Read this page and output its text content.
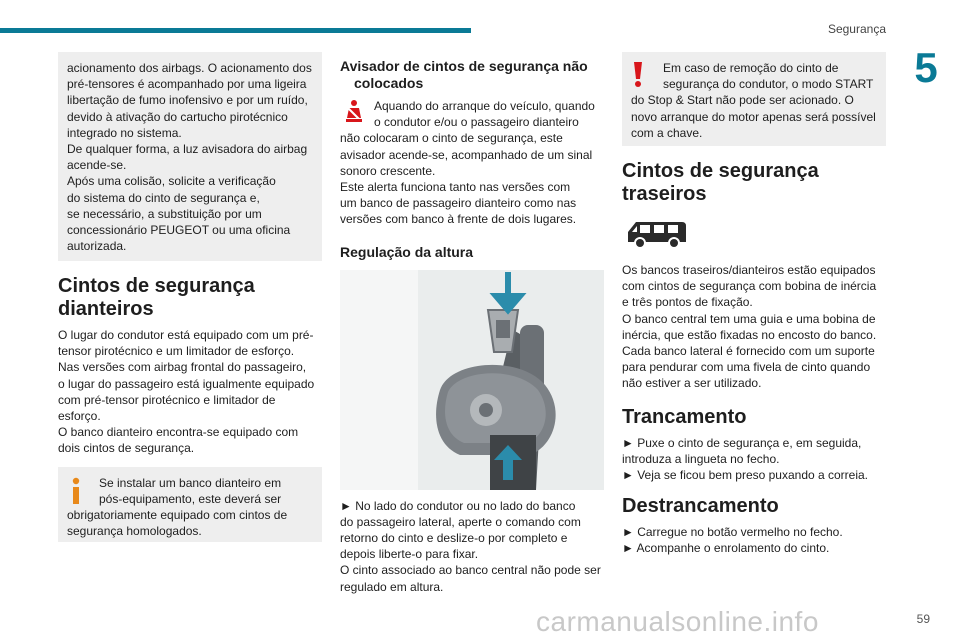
Segurança
5

acionamento dos airbags. O acionamento dos

pré-tensores é acompanhado por uma ligeira

libertação de fumo inofensivo e por um ruído,

devido à ativação do cartucho pirotécnico

integrado no sistema.

De qualquer forma, a luz avisadora do airbag

acende-se.

Após uma colisão, solicite a verificação

do sistema do cinto de segurança e,

se necessário, a substituição por um

concessionário PEUGEOT ou uma oficina

autorizada.

Cintos de segurança
dianteiros

O lugar do condutor está equipado com um pré-

tensor pirotécnico e um limitador de esforço.

Nas versões com airbag frontal do passageiro,

o lugar do passageiro está igualmente equipado

com pré-tensor pirotécnico e limitador de

esforço.

O banco dianteiro encontra-se equipado com

dois cintos de segurança.

Se instalar um banco dianteiro em

pós-equipamento, este deverá ser

obrigatoriamente equipado com cintos de

segurança homologados.

Avisador de cintos de segurança não
colocados

Aquando do arranque do veículo, quando

o condutor e/ou o passageiro dianteiro

não colocaram o cinto de segurança, este

avisador acende-se, acompanhado de um sinal

sonoro crescente.

Este alerta funciona tanto nas versões com

um banco de passageiro dianteiro como nas

versões com banco à frente de dois lugares.

Regulação da altura

► No lado do condutor ou no lado do banco

do passageiro lateral, aperte o comando com

retorno do cinto e deslize-o por completo e

depois liberte-o para fixar.

O cinto associado ao banco central não pode ser

regulado em altura.

Em caso de remoção do cinto de

segurança do condutor, o modo START

do Stop & Start não pode ser acionado. O

novo arranque do motor apenas será possível

com a chave.

Cintos de segurança
traseiros

Os bancos traseiros/dianteiros estão equipados

com cintos de segurança com bobina de inércia

e três pontos de fixação.

O banco central tem uma guia e uma bobina de

inércia, que estão fixadas no encosto do banco.

Cada banco lateral é fornecido com um suporte

para pendurar com uma fivela de cinto quando

não estiver a ser utilizado.

Trancamento

► Puxe o cinto de segurança e, em seguida,

introduza a lingueta no fecho.

► Veja se ficou bem preso puxando a correia.

Destrancamento

► Carregue no botão vermelho no fecho.

► Acompanhe o enrolamento do cinto.

carmanualsonline.info	59
